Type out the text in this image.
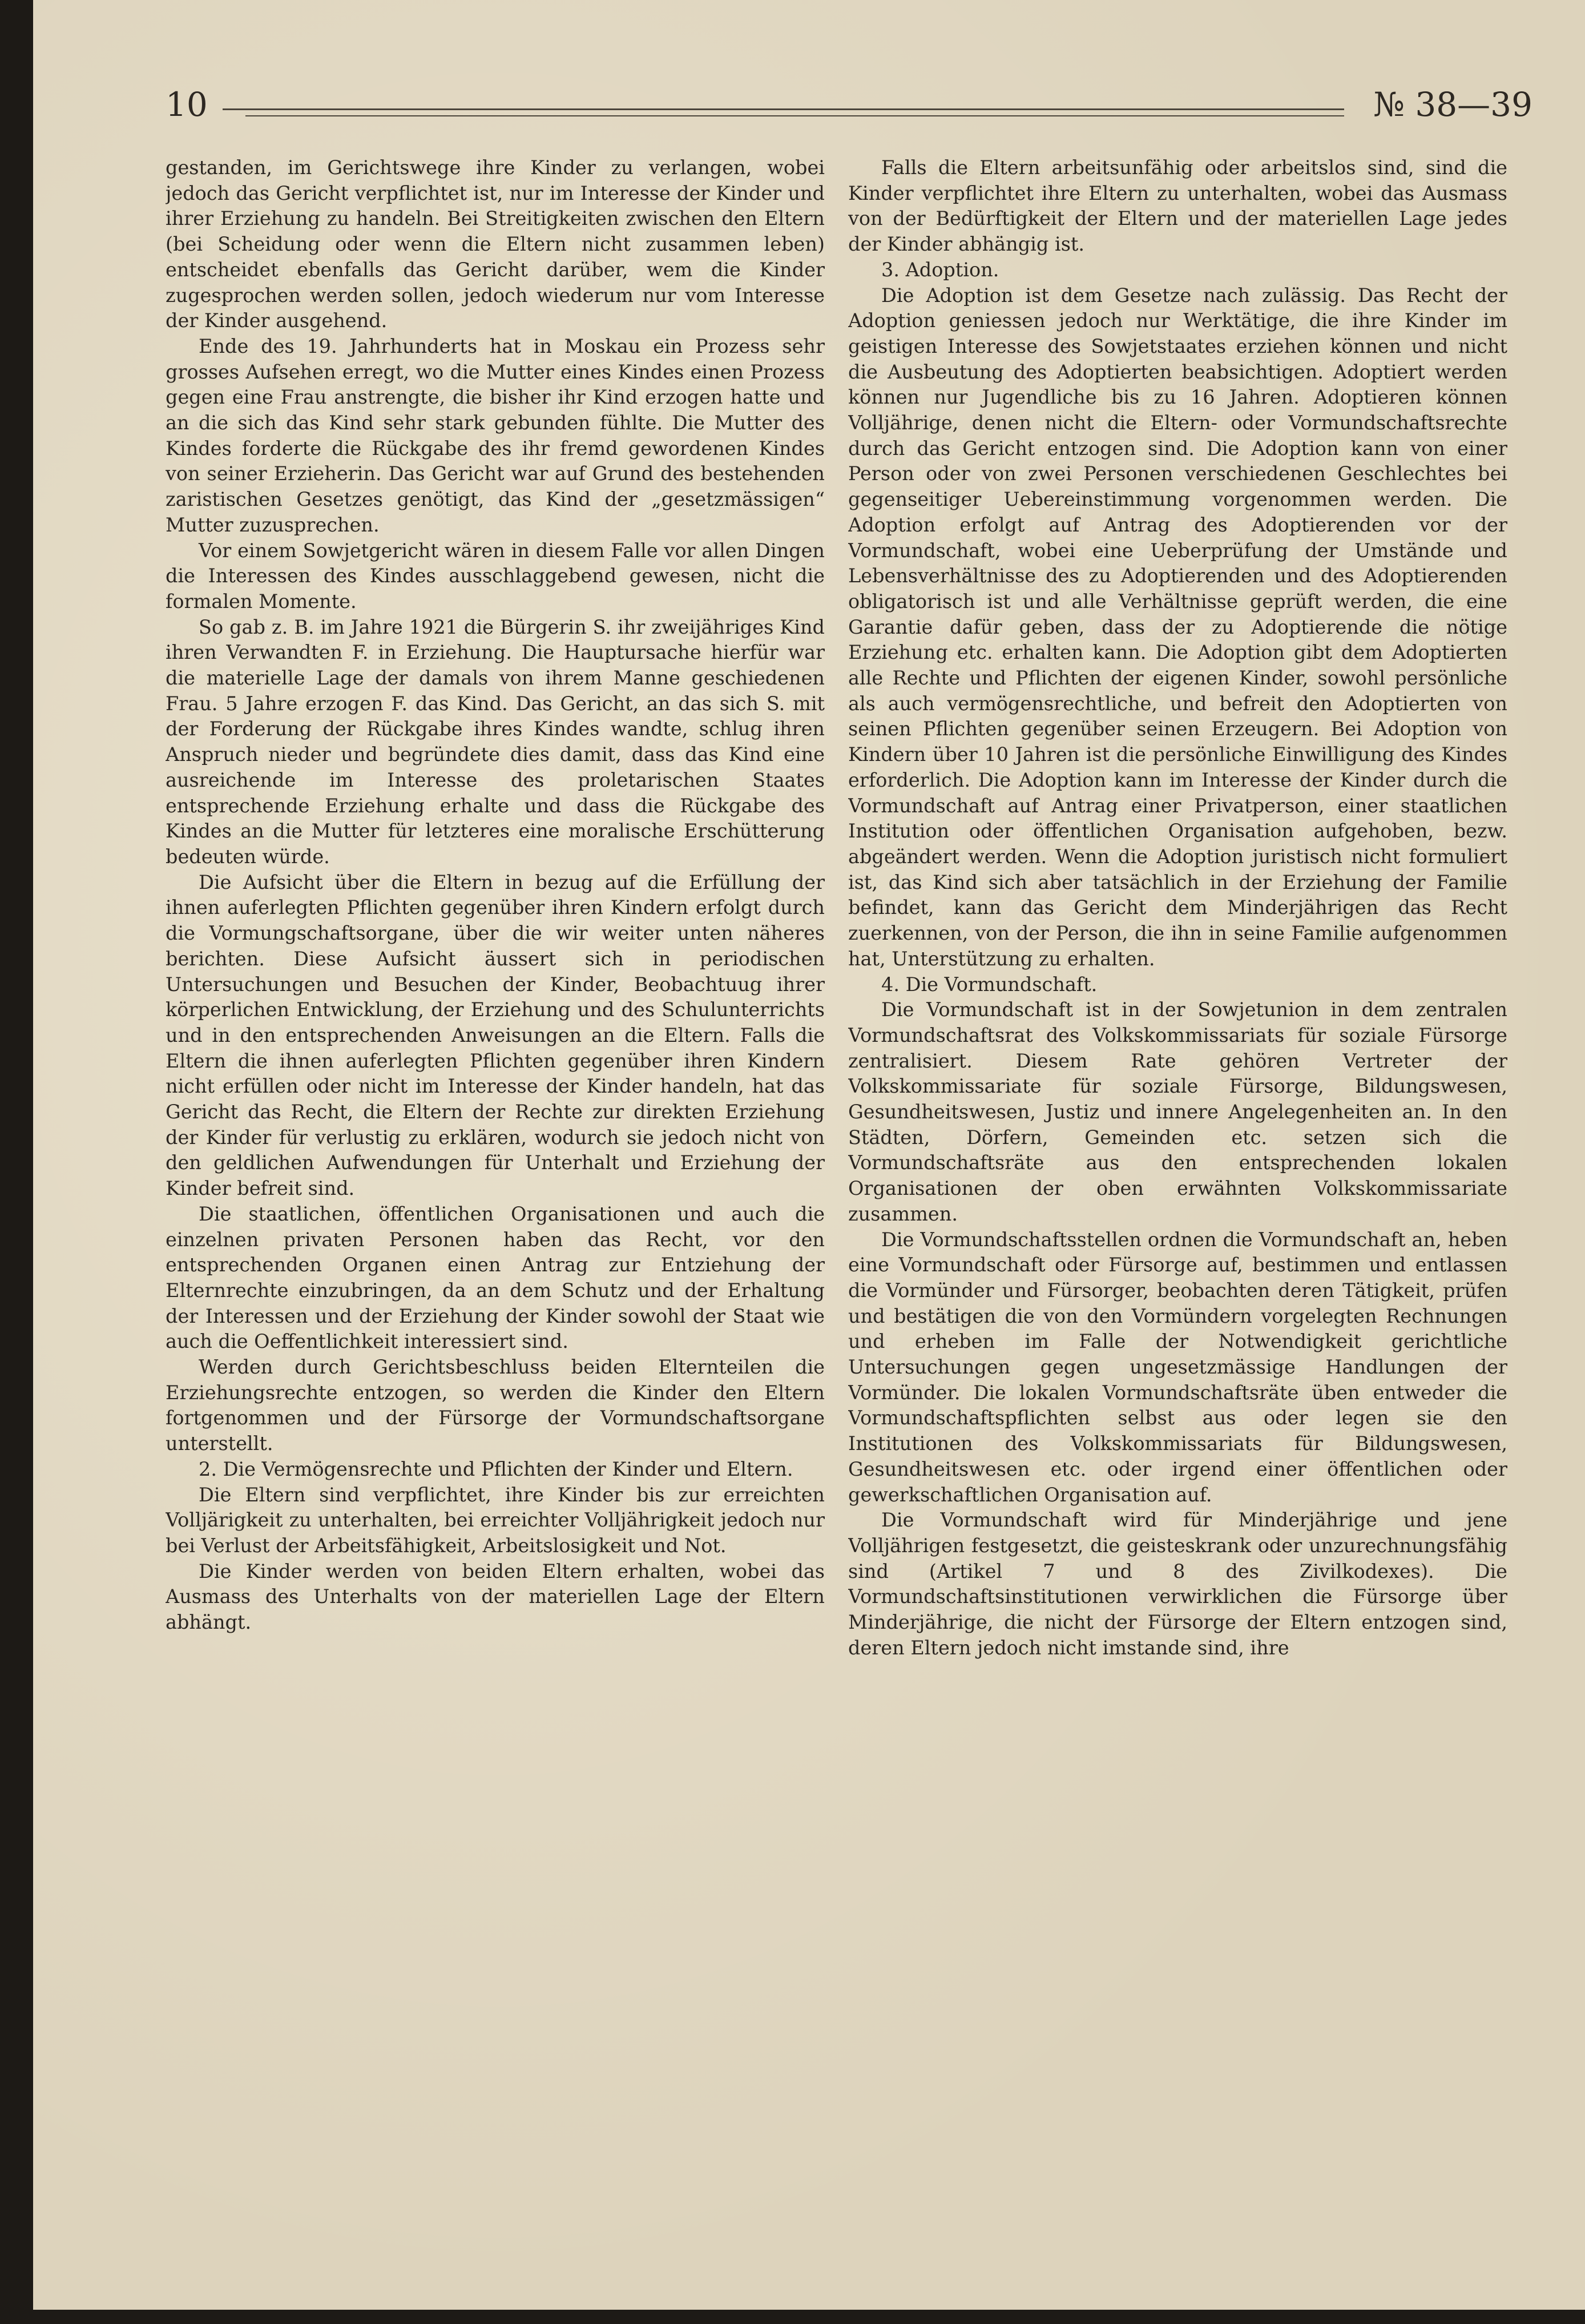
10	№ 38—39

gestanden, im Gerichtswege ihre Kinder zu verlangen, wobei jedoch das Gericht verpflichtet ist, nur im Interesse der Kinder und ihrer Erziehung zu handeln. Bei Streitigkeiten zwischen den Eltern (bei Scheidung oder wenn die Eltern nicht zusammen leben) entscheidet ebenfalls das Gericht darüber, wem die Kinder zugesprochen werden sollen, jedoch wiederum nur vom Interesse der Kinder ausgehend.

Ende des 19. Jahrhunderts hat in Moskau ein Prozess sehr grosses Aufsehen erregt, wo die Mutter eines Kindes einen Prozess gegen eine Frau anstrengte, die bisher ihr Kind erzogen hatte und an die sich das Kind sehr stark gebunden fühlte. Die Mutter des Kindes forderte die Rückgabe des ihr fremd gewordenen Kindes von seiner Erzieherin. Das Gericht war auf Grund des bestehenden zaristischen Gesetzes genötigt, das Kind der „gesetzmässigen“ Mutter zuzusprechen.

Vor einem Sowjetgericht wären in diesem Falle vor allen Dingen die Interessen des Kindes ausschlaggebend gewesen, nicht die formalen Momente.

So gab z. B. im Jahre 1921 die Bürgerin S. ihr zweijähriges Kind ihren Verwandten F. in Erziehung. Die Hauptursache hierfür war die materielle Lage der damals von ihrem Manne geschiedenen Frau. 5 Jahre erzogen F. das Kind. Das Gericht, an das sich S. mit der Forderung der Rückgabe ihres Kindes wandte, schlug ihren Anspruch nieder und begründete dies damit, dass das Kind eine ausreichende im Interesse des proletarischen Staates entsprechende Erziehung erhalte und dass die Rückgabe des Kindes an die Mutter für letzteres eine moralische Erschütterung bedeuten würde.

Die Aufsicht über die Eltern in bezug auf die Erfüllung der ihnen auferlegten Pflichten gegenüber ihren Kindern erfolgt durch die Vormungschaftsorgane, über die wir weiter unten näheres berichten. Diese Aufsicht äussert sich in periodischen Untersuchungen und Besuchen der Kinder, Beobachtuug ihrer körperlichen Entwicklung, der Erziehung und des Schulunterrichts und in den entsprechenden Anweisungen an die Eltern. Falls die Eltern die ihnen auferlegten Pflichten gegenüber ihren Kindern nicht erfüllen oder nicht im Interesse der Kinder handeln, hat das Gericht das Recht, die Eltern der Rechte zur direkten Erziehung der Kinder für verlustig zu erklären, wodurch sie jedoch nicht von den geldlichen Aufwendungen für Unterhalt und Erziehung der Kinder befreit sind.

Die staatlichen, öffentlichen Organisationen und auch die einzelnen privaten Personen haben das Recht, vor den entsprechenden Organen einen Antrag zur Entziehung der Elternrechte einzubringen, da an dem Schutz und der Erhaltung der Interessen und der Erziehung der Kinder sowohl der Staat wie auch die Oeffentlichkeit interessiert sind.

Werden durch Gerichtsbeschluss beiden Elternteilen die Erziehungsrechte entzogen, so werden die Kinder den Eltern fortgenommen und der Fürsorge der Vormundschaftsorgane unterstellt.

2. Die Vermögensrechte und Pflichten der Kinder und Eltern.

Die Eltern sind verpflichtet, ihre Kinder bis zur erreichten Volljärigkeit zu unterhalten, bei erreichter Volljährigkeit jedoch nur bei Verlust der Arbeitsfähigkeit, Arbeitslosigkeit und Not.

Die Kinder werden von beiden Eltern erhalten, wobei das Ausmass des Unterhalts von der materiellen Lage der Eltern abhängt.

Falls die Eltern arbeitsunfähig oder arbeitslos sind, sind die Kinder verpflichtet ihre Eltern zu unterhalten, wobei das Ausmass von der Bedürftigkeit der Eltern und der materiellen Lage jedes der Kinder abhängig ist.

3. Adoption.

Die Adoption ist dem Gesetze nach zulässig. Das Recht der Adoption geniessen jedoch nur Werktätige, die ihre Kinder im geistigen Interesse des Sowjetstaates erziehen können und nicht die Ausbeutung des Adoptierten beabsichtigen. Adoptiert werden können nur Jugendliche bis zu 16 Jahren. Adoptieren können Volljährige, denen nicht die Eltern- oder Vormundschaftsrechte durch das Gericht entzogen sind. Die Adoption kann von einer Person oder von zwei Personen verschiedenen Geschlechtes bei gegenseitiger Uebereinstimmung vorgenommen werden. Die Adoption erfolgt auf Antrag des Adoptierenden vor der Vormundschaft, wobei eine Ueberprüfung der Umstände und Lebensverhältnisse des zu Adoptierenden und des Adoptierenden obligatorisch ist und alle Verhältnisse geprüft werden, die eine Garantie dafür geben, dass der zu Adoptierende die nötige Erziehung etc. erhalten kann. Die Adoption gibt dem Adoptierten alle Rechte und Pflichten der eigenen Kinder, sowohl persönliche als auch vermögensrechtliche, und befreit den Adoptierten von seinen Pflichten gegenüber seinen Erzeugern. Bei Adoption von Kindern über 10 Jahren ist die persönliche Einwilligung des Kindes erforderlich. Die Adoption kann im Interesse der Kinder durch die Vormundschaft auf Antrag einer Privatperson, einer staatlichen Institution oder öffentlichen Organisation aufgehoben, bezw. abgeändert werden. Wenn die Adoption juristisch nicht formuliert ist, das Kind sich aber tatsächlich in der Erziehung der Familie befindet, kann das Gericht dem Minderjährigen das Recht zuerkennen, von der Person, die ihn in seine Familie aufgenommen hat, Unterstützung zu erhalten.

4. Die Vormundschaft.

Die Vormundschaft ist in der Sowjetunion in dem zentralen Vormundschaftsrat des Volkskommissariats für soziale Fürsorge zentralisiert. Diesem Rate gehören Vertreter der Volkskommissariate für soziale Fürsorge, Bildungswesen, Gesundheitswesen, Justiz und innere Angelegenheiten an. In den Städten, Dörfern, Gemeinden etc. setzen sich die Vormundschaftsräte aus den entsprechenden lokalen Organisationen der oben erwähnten Volkskommissariate zusammen.

Die Vormundschaftsstellen ordnen die Vormundschaft an, heben eine Vormundschaft oder Fürsorge auf, bestimmen und entlassen die Vormünder und Fürsorger, beobachten deren Tätigkeit, prüfen und bestätigen die von den Vormündern vorgelegten Rechnungen und erheben im Falle der Notwendigkeit gerichtliche Untersuchungen gegen ungesetzmässige Handlungen der Vormünder. Die lokalen Vormundschaftsräte üben entweder die Vormundschaftspflichten selbst aus oder legen sie den Institutionen des Volkskommissariats für Bildungswesen, Gesundheitswesen etc. oder irgend einer öffentlichen oder gewerkschaftlichen Organisation auf.

Die Vormundschaft wird für Minderjährige und jene Volljährigen festgesetzt, die geisteskrank oder unzurechnungsfähig sind (Artikel 7 und 8 des Zivilkodexes). Die Vormundschaftsinstitutionen verwirklichen die Fürsorge über Minderjährige, die nicht der Fürsorge der Eltern entzogen sind, deren Eltern jedoch nicht imstande sind, ihre
